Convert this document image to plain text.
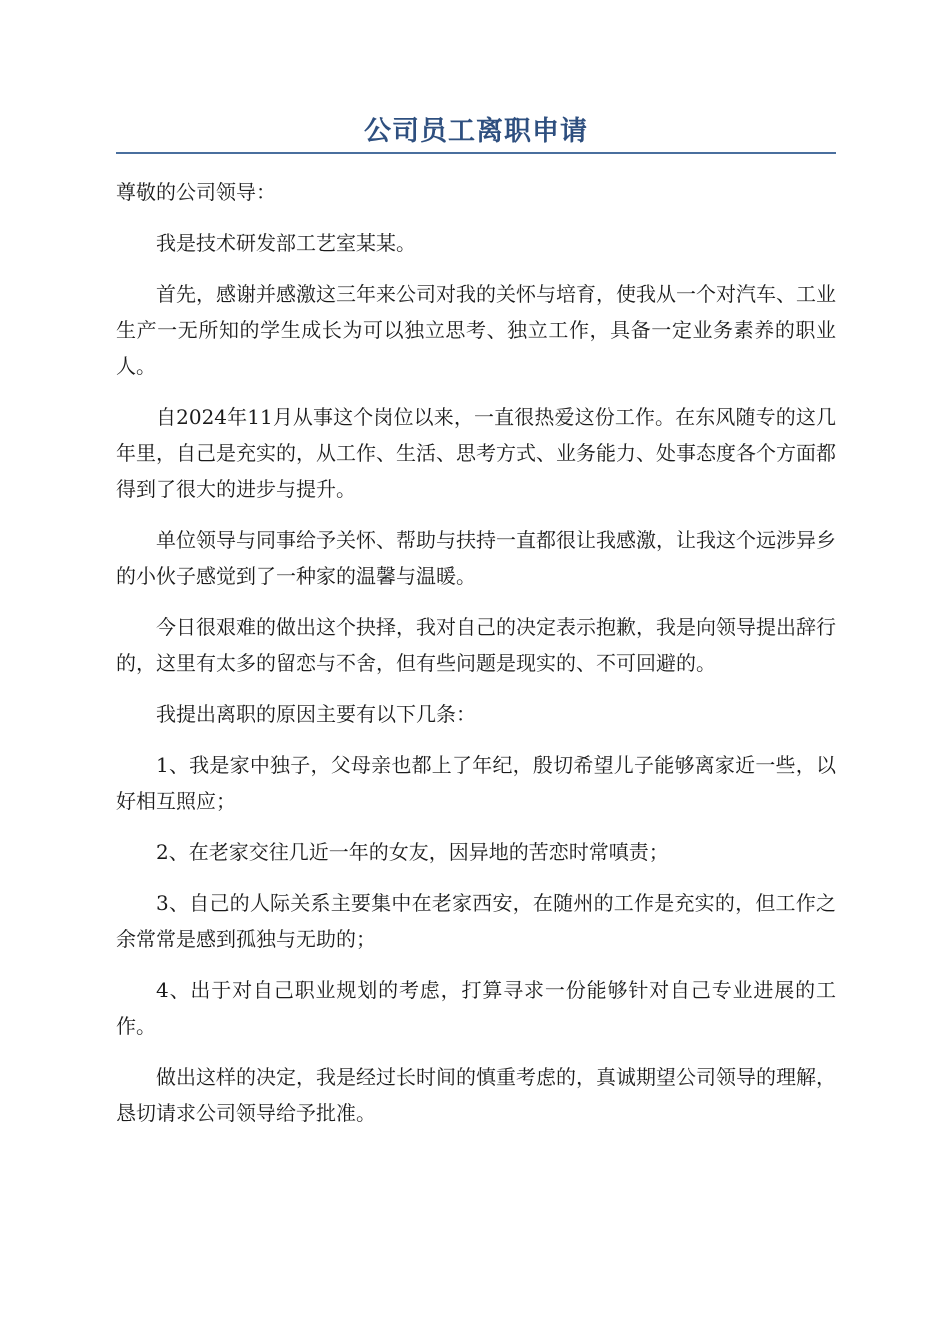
公司员工离职申请

尊敬的公司领导：

我是技术研发部工艺室某某。

首先，感谢并感激这三年来公司对我的关怀与培育，使我从一个对汽车、工业生产一无所知的学生成长为可以独立思考、独立工作，具备一定业务素养的职业人。

自2024年11月从事这个岗位以来，一直很热爱这份工作。在东风随专的这几年里，自己是充实的，从工作、生活、思考方式、业务能力、处事态度各个方面都得到了很大的进步与提升。

单位领导与同事给予关怀、帮助与扶持一直都很让我感激，让我这个远涉异乡的小伙子感觉到了一种家的温馨与温暖。

今日很艰难的做出这个抉择，我对自己的决定表示抱歉，我是向领导提出辞行的，这里有太多的留恋与不舍，但有些问题是现实的、不可回避的。

我提出离职的原因主要有以下几条：

1、我是家中独子，父母亲也都上了年纪，殷切希望儿子能够离家近一些，以好相互照应；

2、在老家交往几近一年的女友，因异地的苦恋时常嗔责；

3、自己的人际关系主要集中在老家西安，在随州的工作是充实的，但工作之余常常是感到孤独与无助的；

4、出于对自己职业规划的考虑，打算寻求一份能够针对自己专业进展的工作。

做出这样的决定，我是经过长时间的慎重考虑的，真诚期望公司领导的理解，恳切请求公司领导给予批准。
